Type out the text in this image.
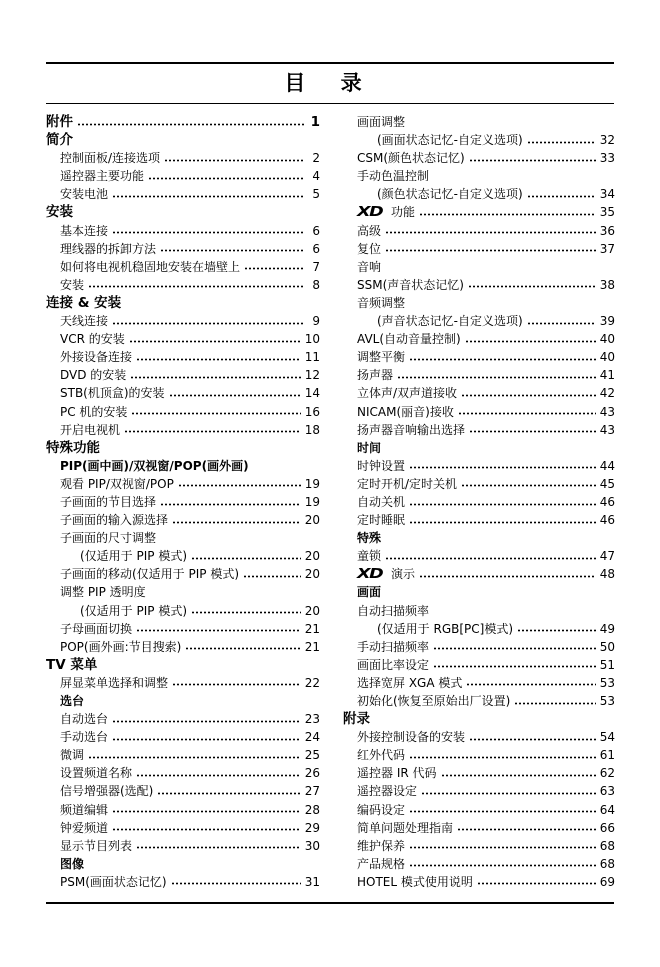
目 录
附件	1
简介
控制面板/连接选项	2
遥控器主要功能	4
安装电池	5
安装
基本连接	6
理线器的拆卸方法	6
如何将电视机稳固地安装在墙壁上	7
安装	8
连接 & 安装
天线连接	9
VCR 的安装	10
外接设备连接	11
DVD 的安装	12
STB(机顶盒)的安装	14
PC 机的安装	16
开启电视机	18
特殊功能
PIP(画中画)/双视窗/POP(画外画)
观看 PIP/双视窗/POP	19
子画面的节目选择	19
子画面的输入源选择	20
子画面的尺寸调整
(仅适用于 PIP 模式)	20
子画面的移动(仅适用于 PIP 模式)	20
调整 PIP 透明度
(仅适用于 PIP 模式)	20
子母画面切换	21
POP(画外画:节目搜索)	21
TV 菜单
屏显菜单选择和调整	22
选台
自动选台	23
手动选台	24
微调	25
设置频道名称	26
信号增强器(选配)	27
频道编辑	28
钟爱频道	29
显示节目列表	30
图像
PSM(画面状态记忆)	31
画面调整
(画面状态记忆-自定义选项)	32
CSM(颜色状态记忆)	33
手动色温控制
(颜色状态记忆-自定义选项)	34
XD 功能	35
高级	36
复位	37
音响
SSM(声音状态记忆)	38
音频调整
(声音状态记忆-自定义选项)	39
AVL(自动音量控制)	40
调整平衡	40
扬声器	41
立体声/双声道接收	42
NICAM(丽音)接收	43
扬声器音响输出选择	43
时间
时钟设置	44
定时开机/定时关机	45
自动关机	46
定时睡眠	46
特殊
童锁	47
XD 演示	48
画面
自动扫描频率
(仅适用于 RGB[PC]模式)	49
手动扫描频率	50
画面比率设定	51
选择宽屏 XGA 模式	53
初始化(恢复至原始出厂设置)	53
附录
外接控制设备的安装	54
红外代码	61
遥控器 IR 代码	62
遥控器设定	63
编码设定	64
简单问题处理指南	66
维护保养	68
产品规格	68
HOTEL 模式使用说明	69
